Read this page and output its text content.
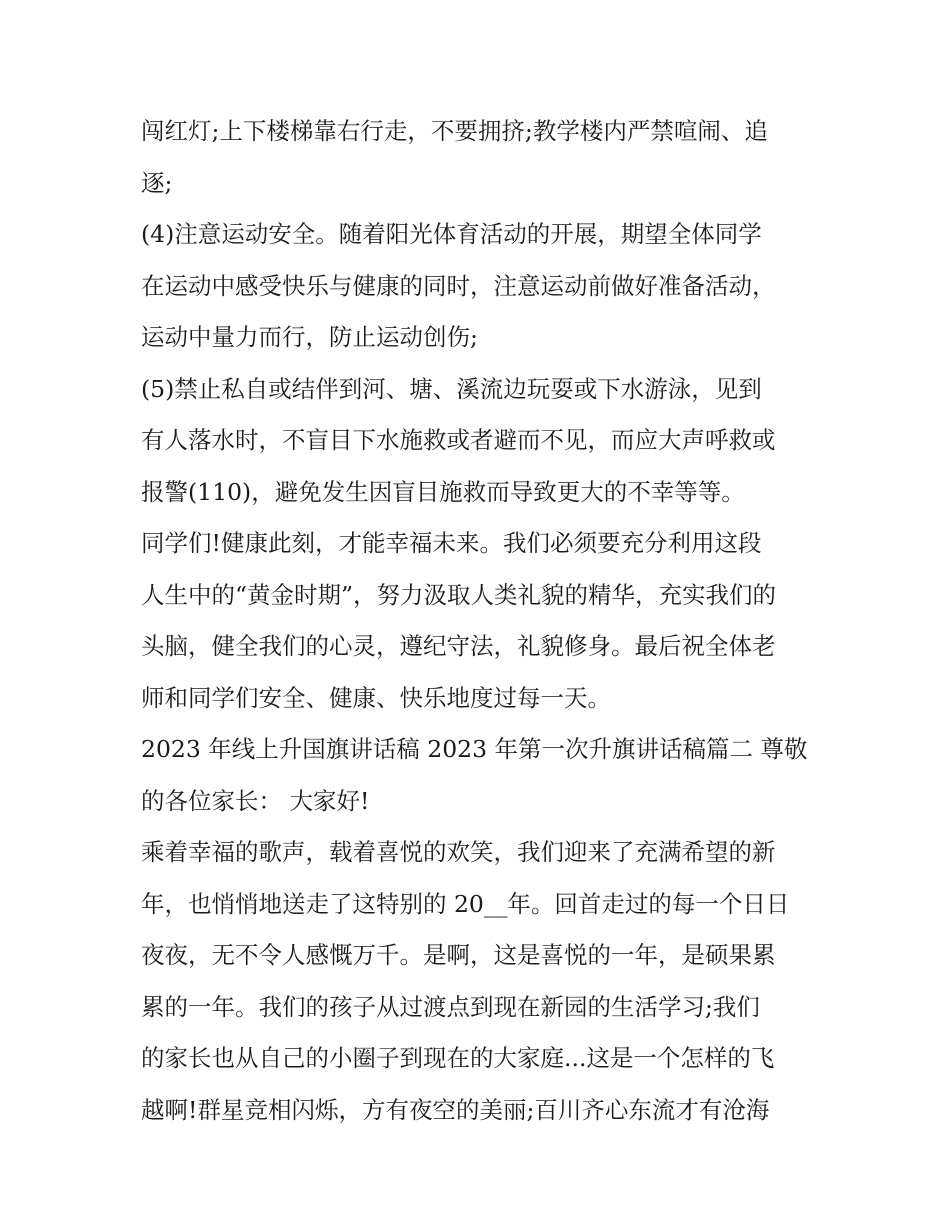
闯红灯;上下楼梯靠右行走，不要拥挤;教学楼内严禁喧闹、追
逐;

(4)注意运动安全。随着阳光体育活动的开展，期望全体同学
在运动中感受快乐与健康的同时，注意运动前做好准备活动，
运动中量力而行，防止运动创伤;

(5)禁止私自或结伴到河、塘、溪流边玩耍或下水游泳，见到
有人落水时，不盲目下水施救或者避而不见，而应大声呼救或
报警(110)，避免发生因盲目施救而导致更大的不幸等等。

同学们!健康此刻，才能幸福未来。我们必须要充分利用这段
人生中的“黄金时期”，努力汲取人类礼貌的精华，充实我们的
头脑，健全我们的心灵，遵纪守法，礼貌修身。最后祝全体老
师和同学们安全、健康、快乐地度过每一天。

2023 年线上升国旗讲话稿 2023 年第一次升旗讲话稿篇二 尊敬
的各位家长： 大家好!

乘着幸福的歌声，载着喜悦的欢笑，我们迎来了充满希望的新
年，也悄悄地送走了这特别的 20__年。回首走过的每一个日日
夜夜，无不令人感慨万千。是啊，这是喜悦的一年，是硕果累
累的一年。我们的孩子从过渡点到现在新园的生活学习;我们
的家长也从自己的小圈子到现在的大家庭...这是一个怎样的飞
越啊!群星竞相闪烁，方有夜空的美丽;百川齐心东流才有沧海
